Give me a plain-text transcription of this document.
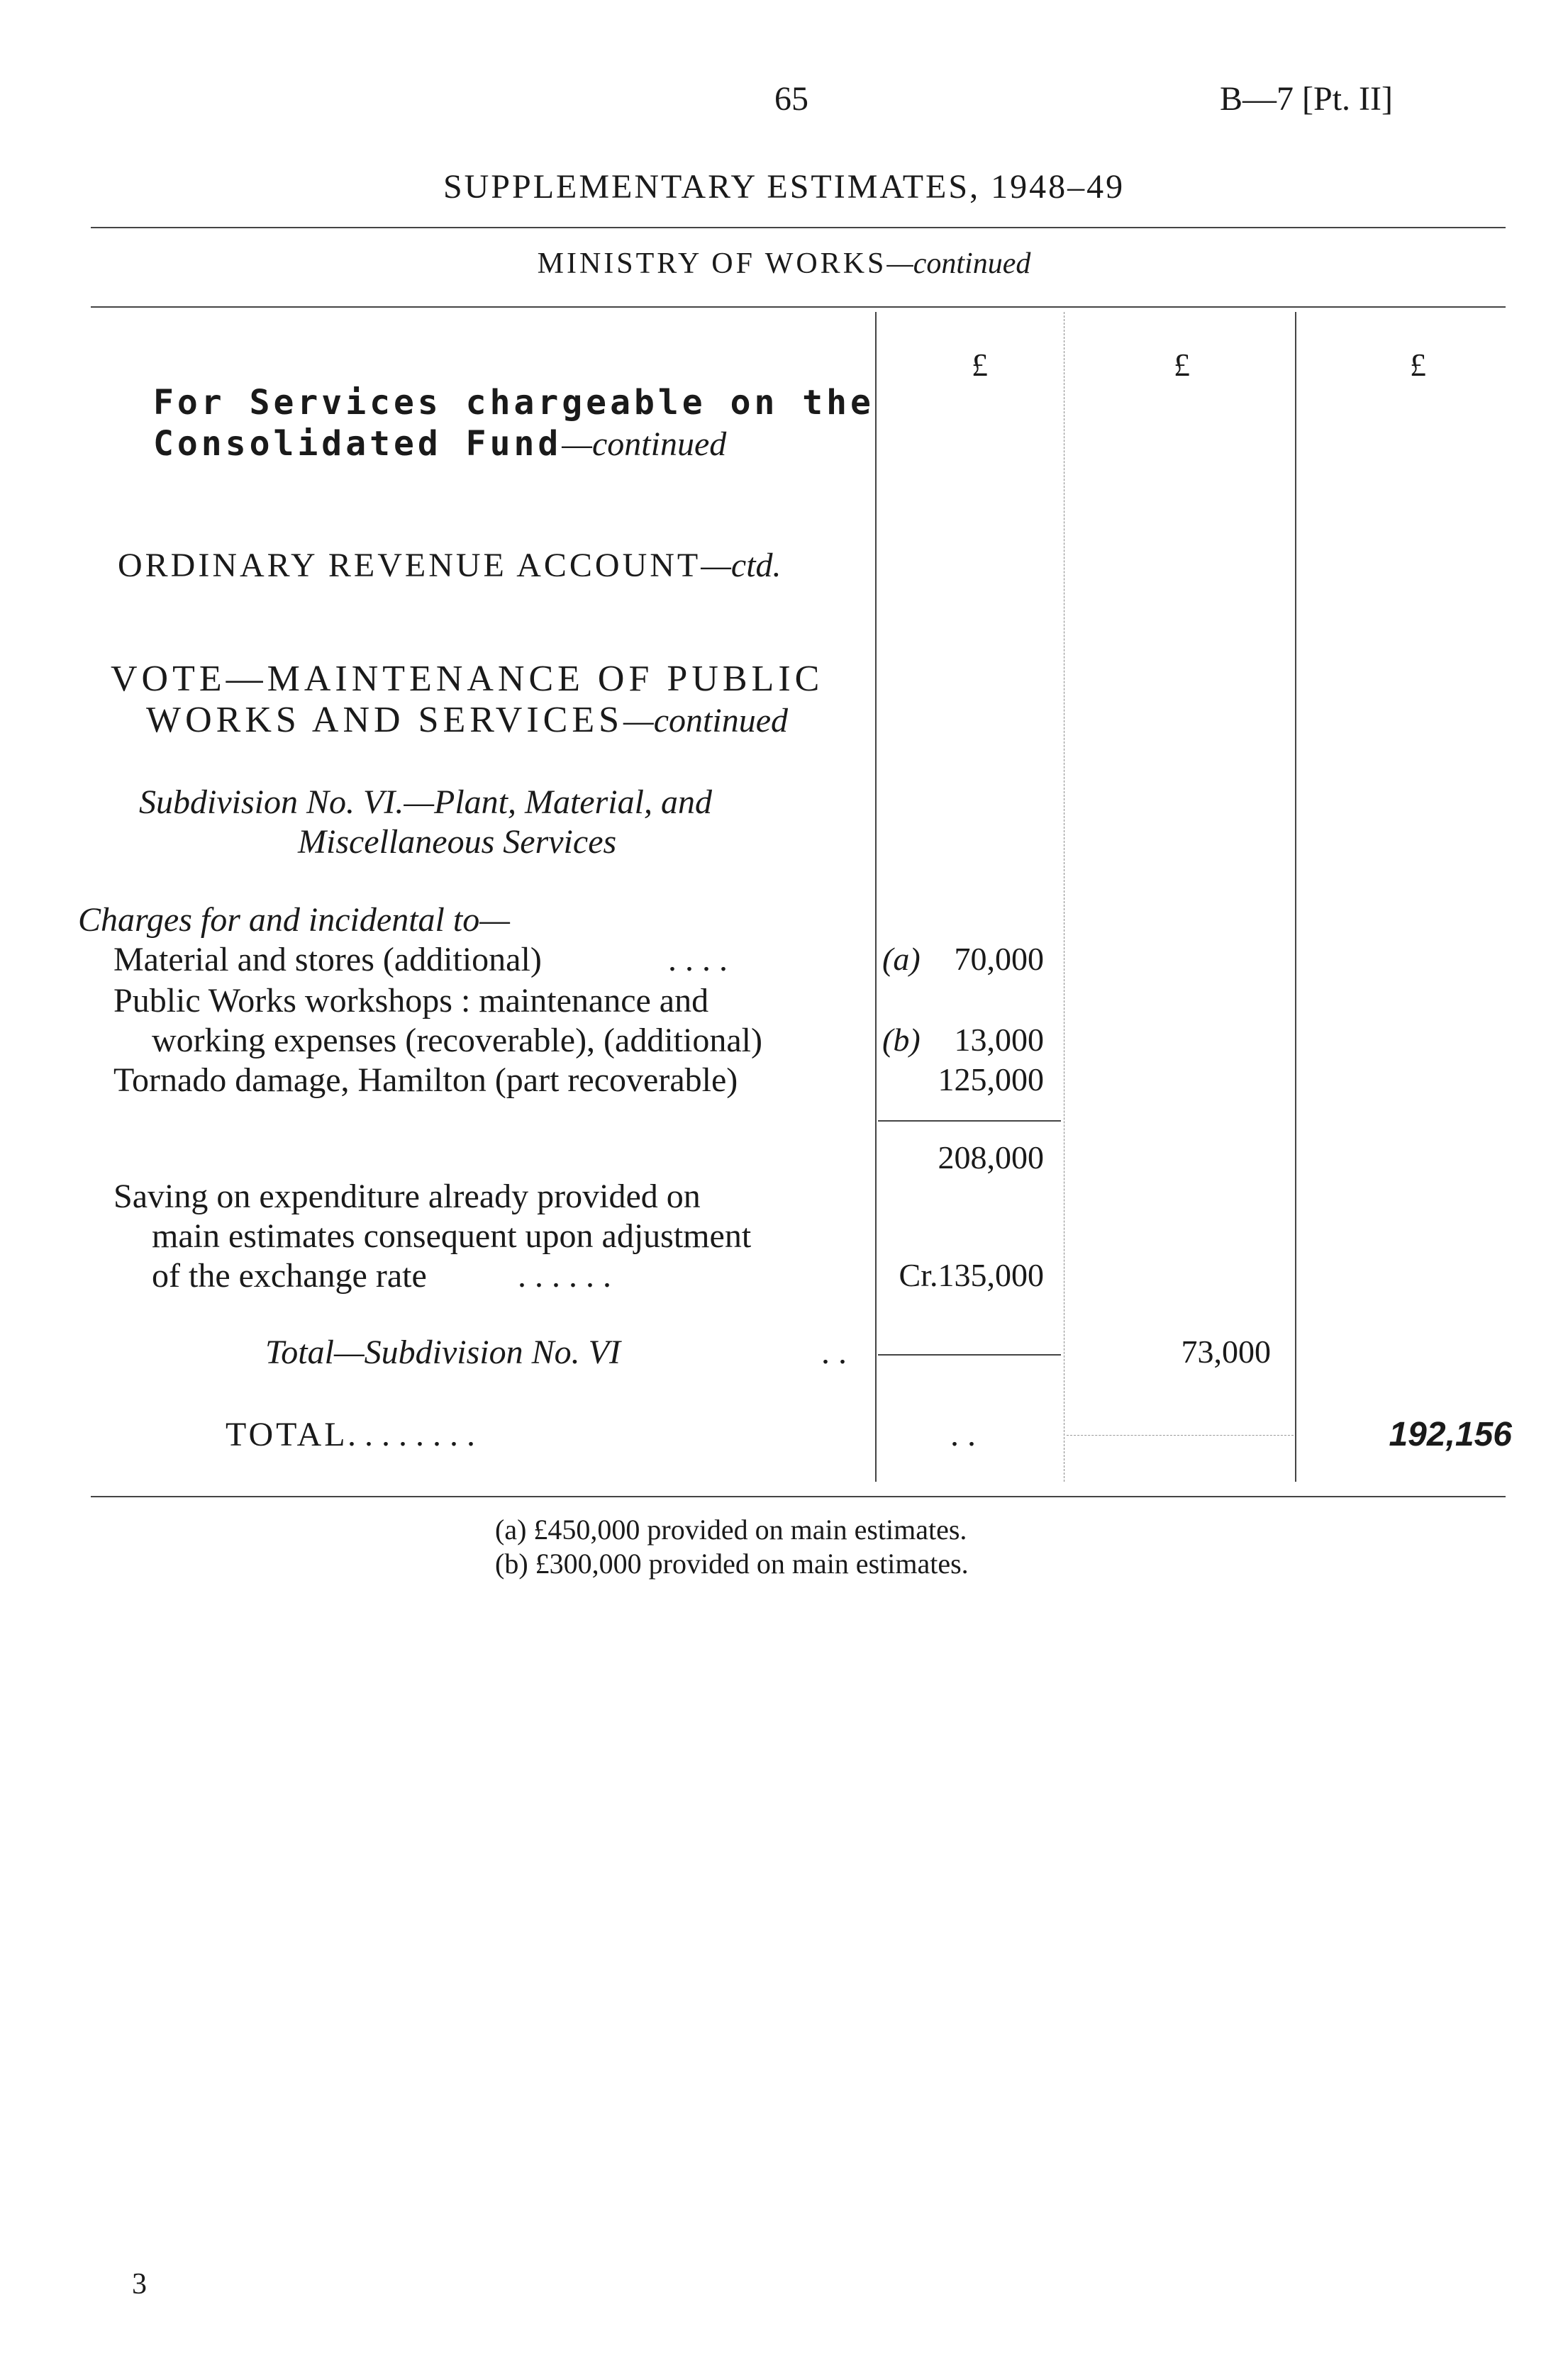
65	B—7 [Pt. II]
SUPPLEMENTARY ESTIMATES, 1948–49
MINISTRY OF WORKS—continued
£	£	£
For Services chargeable on the
Consolidated Fund—continued
ORDINARY REVENUE ACCOUNT—ctd.
VOTE—MAINTENANCE OF PUBLIC
WORKS AND SERVICES—continued
Subdivision No. VI.—Plant, Material, and
Miscellaneous Services
Charges for and incidental to—
Material and stores (additional)	. . . .	(a) 70,000
Public Works workshops : maintenance and
working expenses (recoverable), (additional)	(b) 13,000
Tornado damage, Hamilton (part recoverable)	125,000
208,000
Saving on expenditure already provided on
main estimates consequent upon adjustment
of the exchange rate	. . . . . .	Cr.135,000
Total—Subdivision No. VI	. .	73,000
TOTAL . . . . . . . .	. .	192,156
(a) £450,000 provided on main estimates.
(b) £300,000 provided on main estimates.
3
